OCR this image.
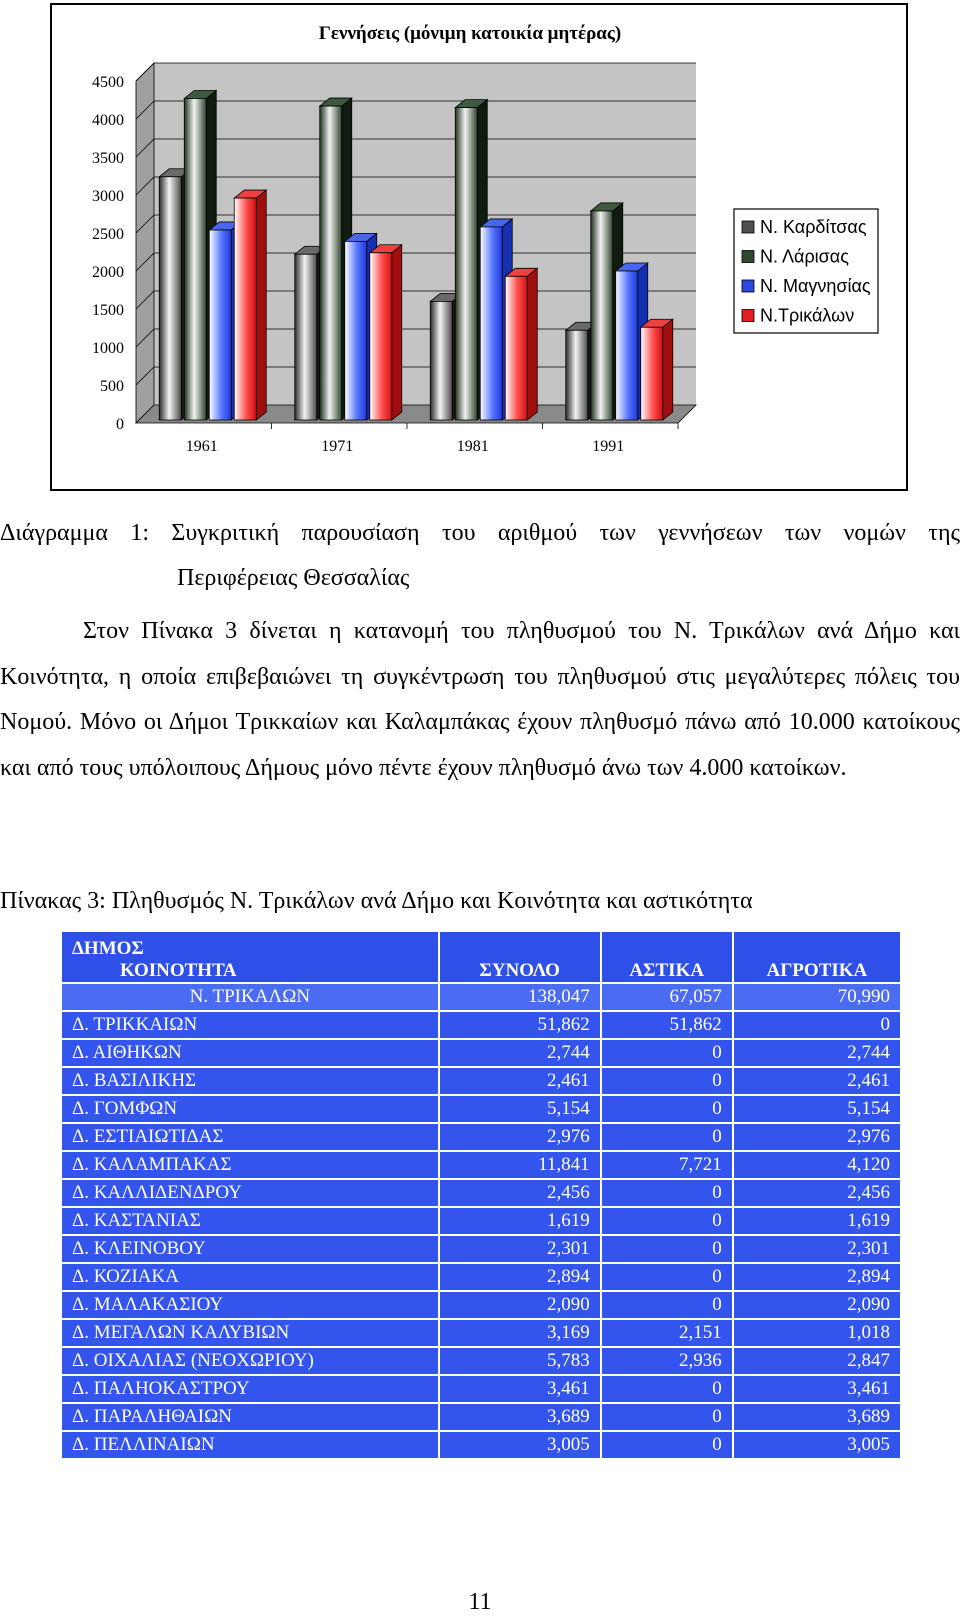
Γεννήσεις (μόνιμη κατοικία μητέρας)
4500
4000
3500
3000
2500
2000
1500
1000
500
0
1961	1971	1981	1991
Ν. Καρδίτσας
Ν. Λάρισας
Ν. Μαγνησίας
Ν.Τρικάλων
Διάγραμμα 1: Συγκριτική παρουσίαση του αριθμού των γεννήσεων των νομών της
Περιφέρειας Θεσσαλίας

Στον Πίνακα 3 δίνεται η κατανομή του πληθυσμού του Ν. Τρικάλων ανά Δήμο και Κοινότητα, η οποία επιβεβαιώνει τη συγκέντρωση του πληθυσμού στις μεγαλύτερες πόλεις του Νομού. Μόνο οι Δήμοι Τρικκαίων και Καλαμπάκας έχουν πληθυσμό πάνω από 10.000 κατοίκους και από τους υπόλοιπους Δήμους μόνο πέντε έχουν πληθυσμό άνω των 4.000 κατοίκων.

Πίνακας 3: Πληθυσμός Ν. Τρικάλων ανά Δήμο και Κοινότητα και αστικότητα
ΔΗΜΟΣ
ΚΟΙΝΟΤΗΤΑ	ΣΥΝΟΛΟ	ΑΣΤΙΚΑ	ΑΓΡΟΤΙΚΑ
Ν. ΤΡΙΚΑΛΩΝ	138,047	67,057	70,990
Δ. ΤΡΙΚΚΑΙΩΝ	51,862	51,862	0
Δ. ΑΙΘΗΚΩΝ	2,744	0	2,744
Δ. ΒΑΣΙΛΙΚΗΣ	2,461	0	2,461
Δ. ΓΟΜΦΩΝ	5,154	0	5,154
Δ. ΕΣΤΙΑΙΩΤΙΔΑΣ	2,976	0	2,976
Δ. ΚΑΛΑΜΠΑΚΑΣ	11,841	7,721	4,120
Δ. ΚΑΛΛΙΔΕΝΔΡΟΥ	2,456	0	2,456
Δ. ΚΑΣΤΑΝΙΑΣ	1,619	0	1,619
Δ. ΚΛΕΙΝΟΒΟΥ	2,301	0	2,301
Δ. ΚΟΖΙΑΚΑ	2,894	0	2,894
Δ. ΜΑΛΑΚΑΣΙΟΥ	2,090	0	2,090
Δ. ΜΕΓΑΛΩΝ ΚΑΛΥΒΙΩΝ	3,169	2,151	1,018
Δ. ΟΙΧΑΛΙΑΣ (ΝΕΟΧΩΡΙΟΥ)	5,783	2,936	2,847
Δ. ΠΑΛΗΟΚΑΣΤΡΟΥ	3,461	0	3,461
Δ. ΠΑΡΑΛΗΘΑΙΩΝ	3,689	0	3,689
Δ. ΠΕΛΛΙΝΑΙΩΝ	3,005	0	3,005
11
